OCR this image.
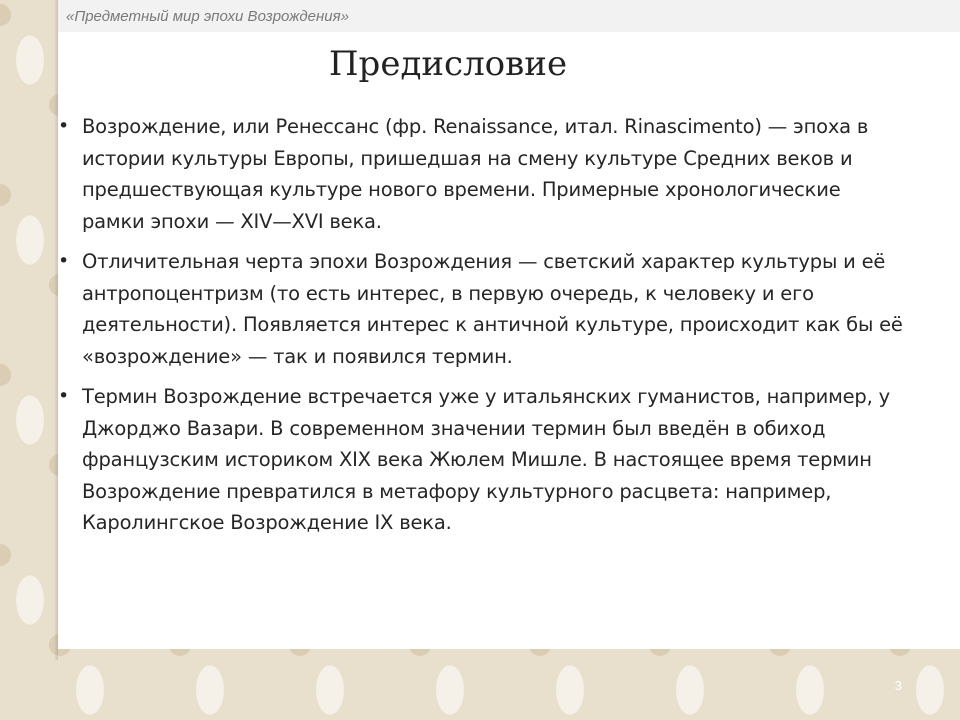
«Предметный мир эпохи Возрождения»
Предисловие
• Возрождение, или Ренессанс (фр. Renaissance, итал. Rinascimento) — эпоха в истории культуры Европы, пришедшая на смену культуре Средних веков и предшествующая культуре нового времени. Примерные хронологические рамки эпохи — XIV—XVI века.
• Отличительная черта эпохи Возрождения — светский характер культуры и её антропоцентризм (то есть интерес, в первую очередь, к человеку и его деятельности). Появляется интерес к античной культуре, происходит как бы её «возрождение» — так и появился термин.
• Термин Возрождение встречается уже у итальянских гуманистов, например, у Джорджо Вазари. В современном значении термин был введён в обиход французским историком XIX века Жюлем Мишле. В настоящее время термин Возрождение превратился в метафору культурного расцвета: например, Каролингское Возрождение IX века.
3
